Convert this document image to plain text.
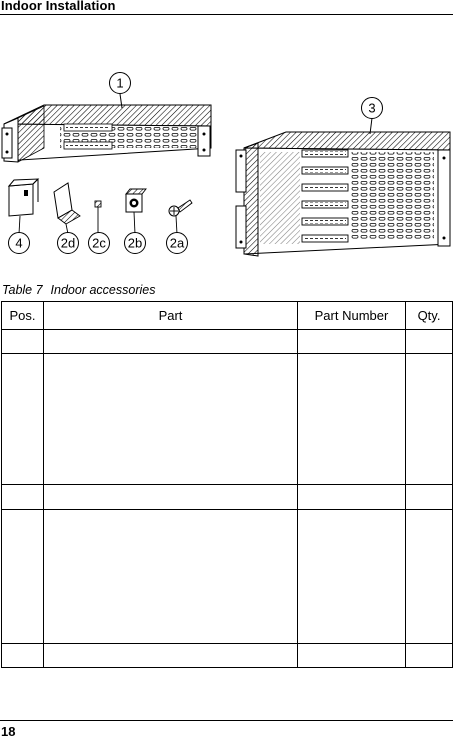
Indoor Installation
1
3
4	2d 2c 2b 2a
Table 7 Indoor accessories
Pos.	Part	Part Number	Qty.

18
